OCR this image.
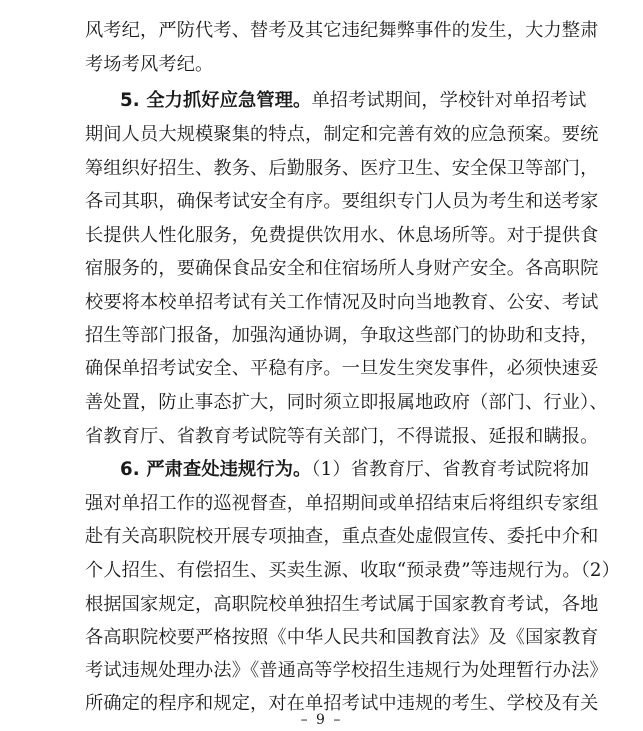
风考纪，严防代考、替考及其它违纪舞弊事件的发生，大力整肃
考场考风考纪。
5. 全力抓好应急管理。单招考试期间，学校针对单招考试
期间人员大规模聚集的特点，制定和完善有效的应急预案。要统
筹组织好招生、教务、后勤服务、医疗卫生、安全保卫等部门，
各司其职，确保考试安全有序。要组织专门人员为考生和送考家
长提供人性化服务，免费提供饮用水、休息场所等。对于提供食
宿服务的，要确保食品安全和住宿场所人身财产安全。各高职院
校要将本校单招考试有关工作情况及时向当地教育、公安、考试
招生等部门报备，加强沟通协调，争取这些部门的协助和支持，
确保单招考试安全、平稳有序。一旦发生突发事件，必须快速妥
善处置，防止事态扩大，同时须立即报属地政府（部门、行业）、
省教育厅、省教育考试院等有关部门，不得谎报、延报和瞒报。
6. 严肃查处违规行为。（1）省教育厅、省教育考试院将加
强对单招工作的巡视督查，单招期间或单招结束后将组织专家组
赴有关高职院校开展专项抽查，重点查处虚假宣传、委托中介和
个人招生、有偿招生、买卖生源、收取“预录费”等违规行为。（2）
根据国家规定，高职院校单独招生考试属于国家教育考试，各地
各高职院校要严格按照《中华人民共和国教育法》及《国家教育
考试违规处理办法》《普通高等学校招生违规行为处理暂行办法》
所确定的程序和规定，对在单招考试中违规的考生、学校及有关
– 9 –
